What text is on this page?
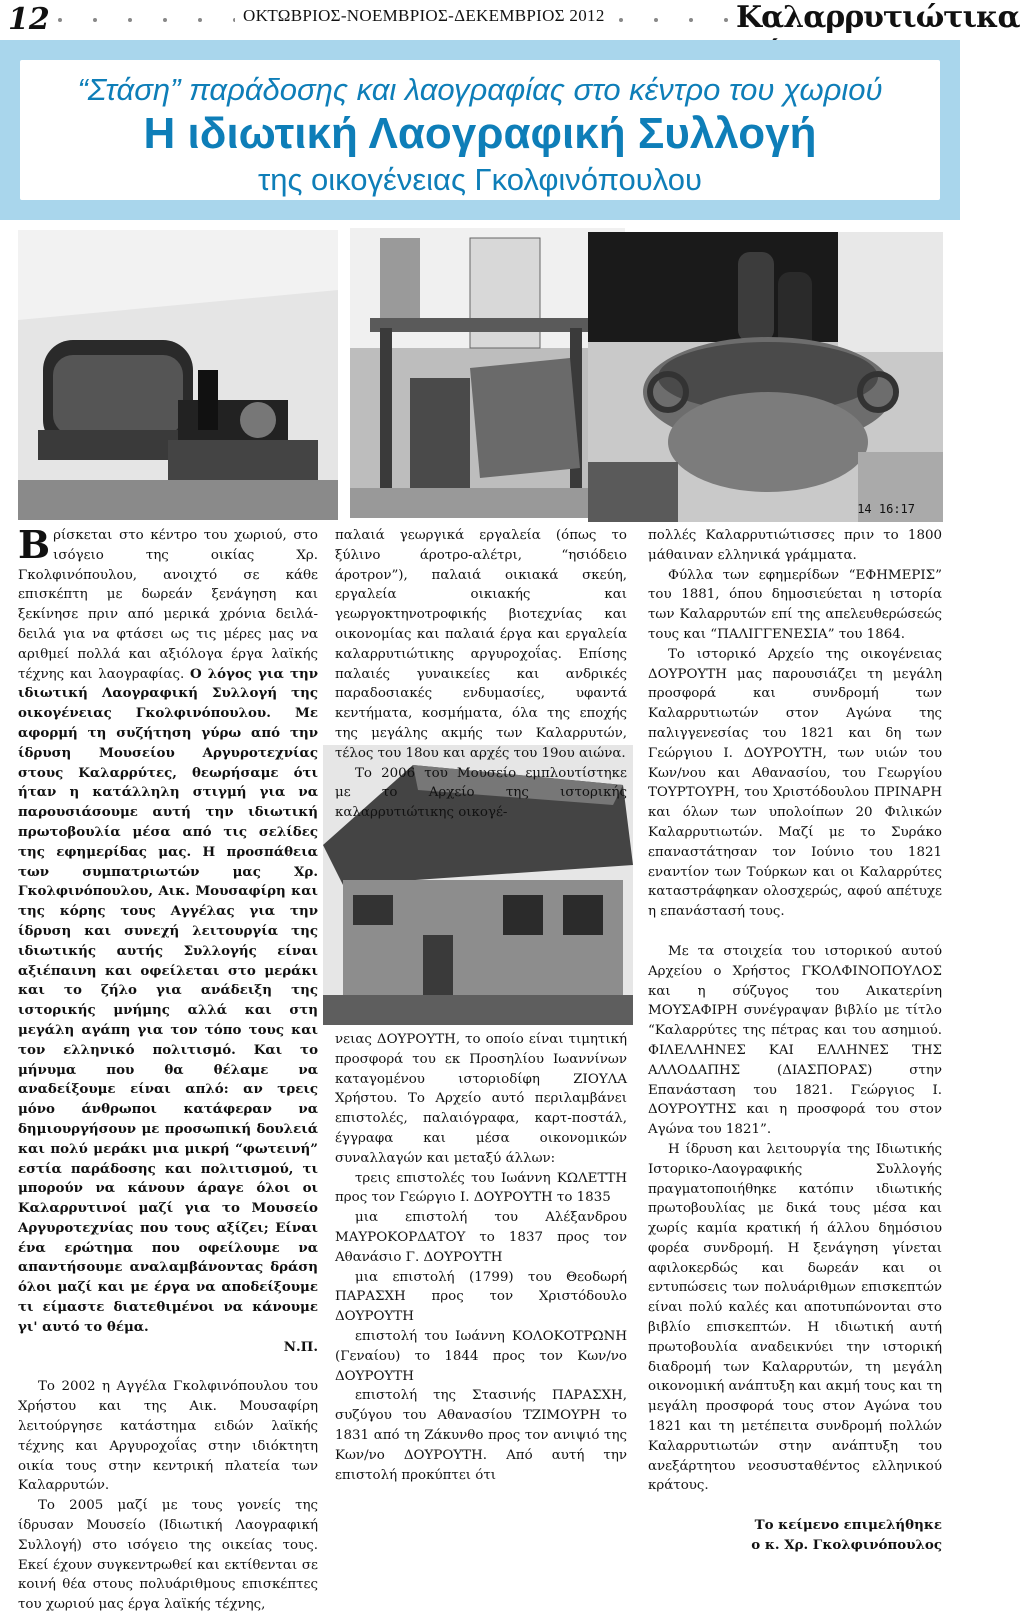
12	ΟΚΤΩΒΡΙΟΣ-ΝΟΕΜΒΡΙΟΣ-ΔΕΚΕΜΒΡΙΟΣ 2012	Καλαρρυτιώτικα
“Στάση” παράδοσης και λαογραφίας στο κέντρο του χωριού
Η ιδιωτική Λαογραφική Συλλογή
της οικογένειας Γκολφινόπουλου
14 16:17

Βρίσκεται στο κέντρο του χωριού, στο ισόγειο της οικίας Χρ. Γκολφινόπουλου, ανοιχτό σε κάθε επισκέπτη με δωρεάν ξενάγηση και ξεκίνησε πριν από μερικά χρόνια δειλά-δειλά για να φτάσει ως τις μέρες μας να αριθμεί πολλά και αξιόλογα έργα λαϊκής τέχνης και λαογραφίας. Ο λόγος για την ιδιωτική Λαογραφική Συλλογή της οικογένειας Γκολφινόπουλου. Με αφορμή τη συζήτηση γύρω από την ίδρυση Μουσείου Αργυροτεχνίας στους Καλαρρύτες, θεωρήσαμε ότι ήταν η κατάλληλη στιγμή για να παρουσιάσουμε αυτή την ιδιωτική πρωτοβουλία μέσα από τις σελίδες της εφημερίδας μας. Η προσπάθεια των συμπατριωτών μας Χρ. Γκολφινόπουλου, Αικ. Μουσαφίρη και της κόρης τους Αγγέλας για την ίδρυση και συνεχή λειτουργία της ιδιωτικής αυτής Συλλογής είναι αξιέπαινη και οφείλεται στο μεράκι και το ζήλο για ανάδειξη της ιστορικής μνήμης αλλά και στη μεγάλη αγάπη για τον τόπο τους και τον ελληνικό πολιτισμό. Και το μήνυμα που θα θέλαμε να αναδείξουμε είναι απλό: αν τρεις μόνο άνθρωποι κατάφεραν να δημιουργήσουν με προσωπική δουλειά και πολύ μεράκι μια μικρή “φωτεινή” εστία παράδοσης και πολιτισμού, τι μπορούν να κάνουν άραγε όλοι οι Καλαρρυτινοί μαζί για το Μουσείο Αργυροτεχνίας που τους αξίζει; Είναι ένα ερώτημα που οφείλουμε να απαντήσουμε αναλαμβάνοντας δράση όλοι μαζί και με έργα να αποδείξουμε τι είμαστε διατεθιμένοι να κάνουμε γι' αυτό το θέμα.

Ν.Π.

Το 2002 η Αγγέλα Γκολφινόπουλου του Χρήστου και της Αικ. Μουσαφίρη λειτούργησε κατάστημα ειδών λαϊκής τέχνης και Αργυροχοΐας στην ιδιόκτητη οικία τους στην κεντρική πλατεία των Καλαρρυτών.

Το 2005 μαζί με τους γονείς της ίδρυσαν Μουσείο (Ιδιωτική Λαογραφική Συλλογή) στο ισόγειο της οικείας τους. Εκεί έχουν συγκεντρωθεί και εκτίθενται σε κοινή θέα στους πολυάριθμους επισκέπτες του χωριού μας έργα λαϊκής τέχνης,

παλαιά γεωργικά εργαλεία (όπως το ξύλινο άροτρο-αλέτρι, “ησιόδειο άροτρον”), παλαιά οικιακά σκεύη, εργαλεία οικιακής και γεωργοκτηνοτροφικής βιοτεχνίας και οικονομίας και παλαιά έργα και εργαλεία καλαρρυτιώτικης αργυροχοΐας. Επίσης παλαιές γυναικείες και ανδρικές παραδοσιακές ενδυμασίες, υφαντά κεντήματα, κοσμήματα, όλα της εποχής της μεγάλης ακμής των Καλαρρυτών, τέλος του 18ου και αρχές του 19ου αιώνα.

Το 2006 του Μουσείο εμπλουτίστηκε με το Αρχείο της ιστορικής καλαρρυτιώτικης οικογέ-

νειας ΔΟΥΡΟΥΤΗ, το οποίο είναι τιμητική προσφορά του εκ Προσηλίου Ιωαννίνων καταγομένου ιστοριοδίφη ΖΙΟΥΛΑ Χρήστου. Το Αρχείο αυτό περιλαμβάνει επιστολές, παλαιόγραφα, καρτ-ποστάλ, έγγραφα και μέσα οικονομικών συναλλαγών και μεταξύ άλλων:

τρεις επιστολές του Ιωάννη ΚΩΛΕΤΤΗ προς τον Γεώργιο Ι. ΔΟΥΡΟΥΤΗ το 1835

μια επιστολή του Αλέξανδρου ΜΑΥΡΟΚΟΡΔΑΤΟΥ το 1837 προς τον Αθανάσιο Γ. ΔΟΥΡΟΥΤΗ

μια επιστολή (1799) του Θεοδωρή ΠΑΡΑΣΧΗ προς τον Χριστόδουλο ΔΟΥΡΟΥΤΗ

επιστολή του Ιωάννη ΚΟΛΟΚΟΤΡΩΝΗ (Γεναίου) το 1844 προς τον Κων/νο ΔΟΥΡΟΥΤΗ

επιστολή της Στασινής ΠΑΡΑΣΧΗ, συζύγου του Αθανασίου ΤΖΙΜΟΥΡΗ το 1831 από τη Ζάκυνθο προς τον ανιψιό της Κων/νο ΔΟΥΡΟΥΤΗ. Από αυτή την επιστολή προκύπτει ότι

πολλές Καλαρρυτιώτισσες πριν το 1800 μάθαιναν ελληνικά γράμματα.

Φύλλα των εφημερίδων “ΕΦΗΜΕΡΙΣ” του 1881, όπου δημοσιεύεται η ιστορία των Καλαρρυτών επί της απελευθερώσεώς τους και “ΠΑΛΙΓΓΕΝΕΣΙΑ” του 1864.

Το ιστορικό Αρχείο της οικογένειας ΔΟΥΡΟΥΤΗ μας παρουσιάζει τη μεγάλη προσφορά και συνδρομή των Καλαρρυτιωτών στον Αγώνα της παλιγγενεσίας του 1821 και δη των Γεώργιου Ι. ΔΟΥΡΟΥΤΗ, των υιών του Κων/νου και Αθανασίου, του Γεωργίου ΤΟΥΡΤΟΥΡΗ, του Χριστόδουλου ΠΡΙΝΑΡΗ και όλων των υπολοίπων 20 Φιλικών Καλαρρυτιωτών. Μαζί με το Συράκο επαναστάτησαν τον Ιούνιο του 1821 εναντίον των Τούρκων και οι Καλαρρύτες καταστράφηκαν ολοσχερώς, αφού απέτυχε η επανάστασή τους.

Με τα στοιχεία του ιστορικού αυτού Αρχείου ο Χρήστος ΓΚΟΛΦΙΝΟΠΟΥΛΟΣ και η σύζυγος του Αικατερίνη ΜΟΥΣΑΦΙΡΗ συνέγραψαν βιβλίο με τίτλο “Καλαρρύτες της πέτρας και του ασημιού. ΦΙΛΕΛΛΗΝΕΣ ΚΑΙ ΕΛΛΗΝΕΣ ΤΗΣ ΑΛΛΟΔΑΠΗΣ (ΔΙΑΣΠΟΡΑΣ) στην Επανάσταση του 1821. Γεώργιος Ι. ΔΟΥΡΟΥΤΗΣ και η προσφορά του στον Αγώνα του 1821”.

Η ίδρυση και λειτουργία της Ιδιωτικής Ιστορικο-Λαογραφικής Συλλογής πραγματοποιήθηκε κατόπιν ιδιωτικής πρωτοβουλίας με δικά τους μέσα και χωρίς καμία κρατική ή άλλου δημόσιου φορέα συνδρομή. Η ξενάγηση γίνεται αφιλοκερδώς και δωρεάν και οι εντυπώσεις των πολυάριθμων επισκεπτών είναι πολύ καλές και αποτυπώνονται στο βιβλίο επισκεπτών. Η ιδιωτική αυτή πρωτοβουλία αναδεικνύει την ιστορική διαδρομή των Καλαρρυτών, τη μεγάλη οικονομική ανάπτυξη και ακμή τους και τη μεγάλη προσφορά τους στον Αγώνα του 1821 και τη μετέπειτα συνδρομή πολλών Καλαρρυτιωτών στην ανάπτυξη του ανεξάρτητου νεοσυσταθέντος ελληνικού κράτους.

Το κείμενο επιμελήθηκε

ο κ. Χρ. Γκολφινόπουλος
